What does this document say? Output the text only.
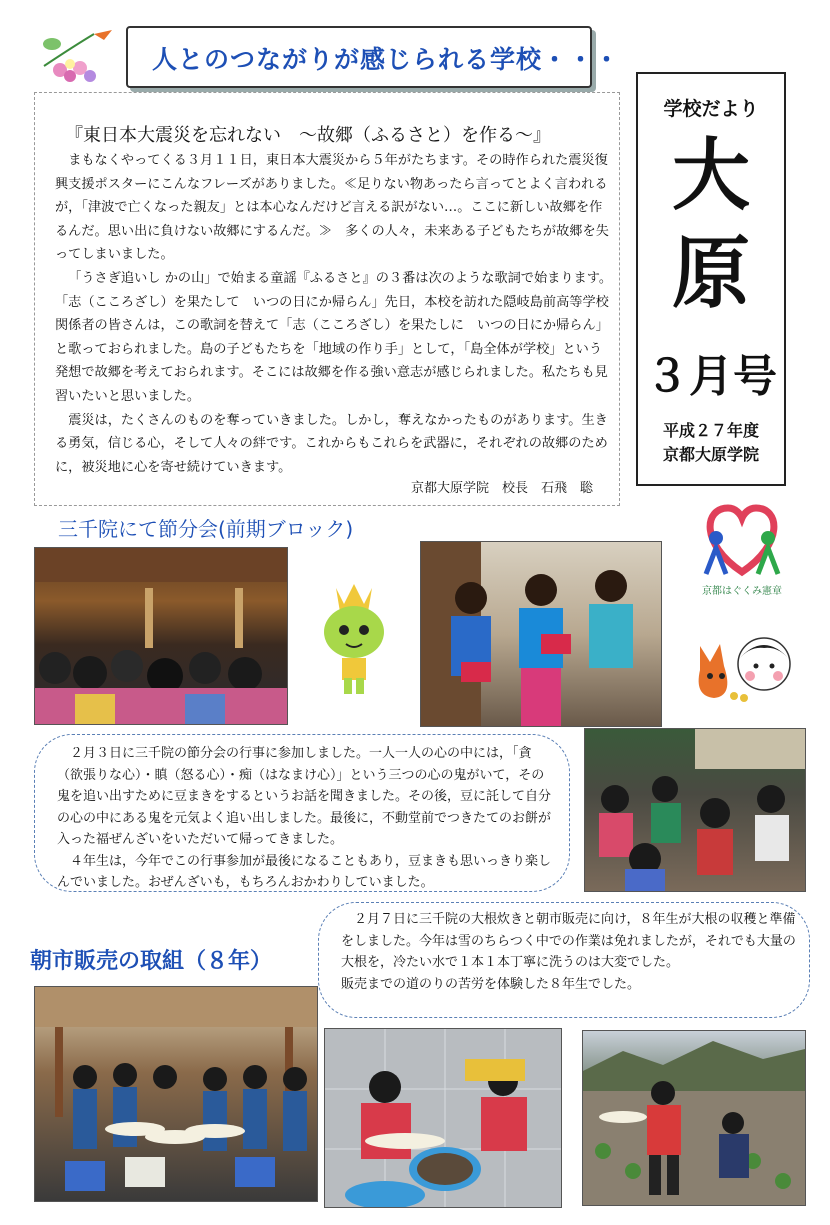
人とのつながりが感じられる学校・・・
『東日本大震災を忘れない　～故郷（ふるさと）を作る～』

まもなくやってくる３月１１日，東日本大震災から５年がたちます。その時作られた震災復興支援ポスターにこんなフレーズがありました。≪足りない物あったら言ってとよく言われるが，「津波で亡くなった親友」とは本心なんだけど言える訳がない…。ここに新しい故郷を作るんだ。思い出に負けない故郷にするんだ。≫　多くの人々，未来ある子どもたちが故郷を失ってしまいました。

「うさぎ追いし かの山」で始まる童謡『ふるさと』の３番は次のような歌詞で始まります。「志（こころざし）を果たして　いつの日にか帰らん」先日，本校を訪れた隠岐島前高等学校関係者の皆さんは，この歌詞を替えて「志（こころざし）を果たしに　いつの日にか帰らん」と歌っておられました。島の子どもたちを「地域の作り手」として，「島全体が学校」という発想で故郷を考えておられます。そこには故郷を作る強い意志が感じられました。私たちも見習いたいと思いました。

震災は，たくさんのものを奪っていきました。しかし，奪えなかったものがあります。生きる勇気，信じる心，そして人々の絆です。これからもこれらを武器に，それぞれの故郷のために，被災地に心を寄せ続けていきます。

京都大原学院　校長　石飛　聡
学校だより
大
原
３月号
平成２７年度
京都大原学院
三千院にて節分会(前期ブロック)
京都はぐくみ憲章

２月３日に三千院の節分会の行事に参加しました。一人一人の心の中には，「貪（欲張りな心）・瞋（怒る心）・痴（はなまけ心）」という三つの心の鬼がいて，その鬼を追い出すために豆まきをするというお話を聞きました。その後，豆に託して自分の心の中にある鬼を元気よく追い出しました。最後に，不動堂前でつきたてのお餅が入った福ぜんざいをいただいて帰ってきました。

４年生は，今年でこの行事参加が最後になることもあり，豆まきも思いっきり楽しんでいました。おぜんざいも，もちろんおかわりしていました。

２月７日に三千院の大根炊きと朝市販売に向け，８年生が大根の収穫と準備をしました。今年は雪のちらつく中での作業は免れましたが，それでも大量の大根を，冷たい水で１本１本丁寧に洗うのは大変でした。

販売までの道のりの苦労を体験した８年生でした。

朝市販売の取組（８年）
